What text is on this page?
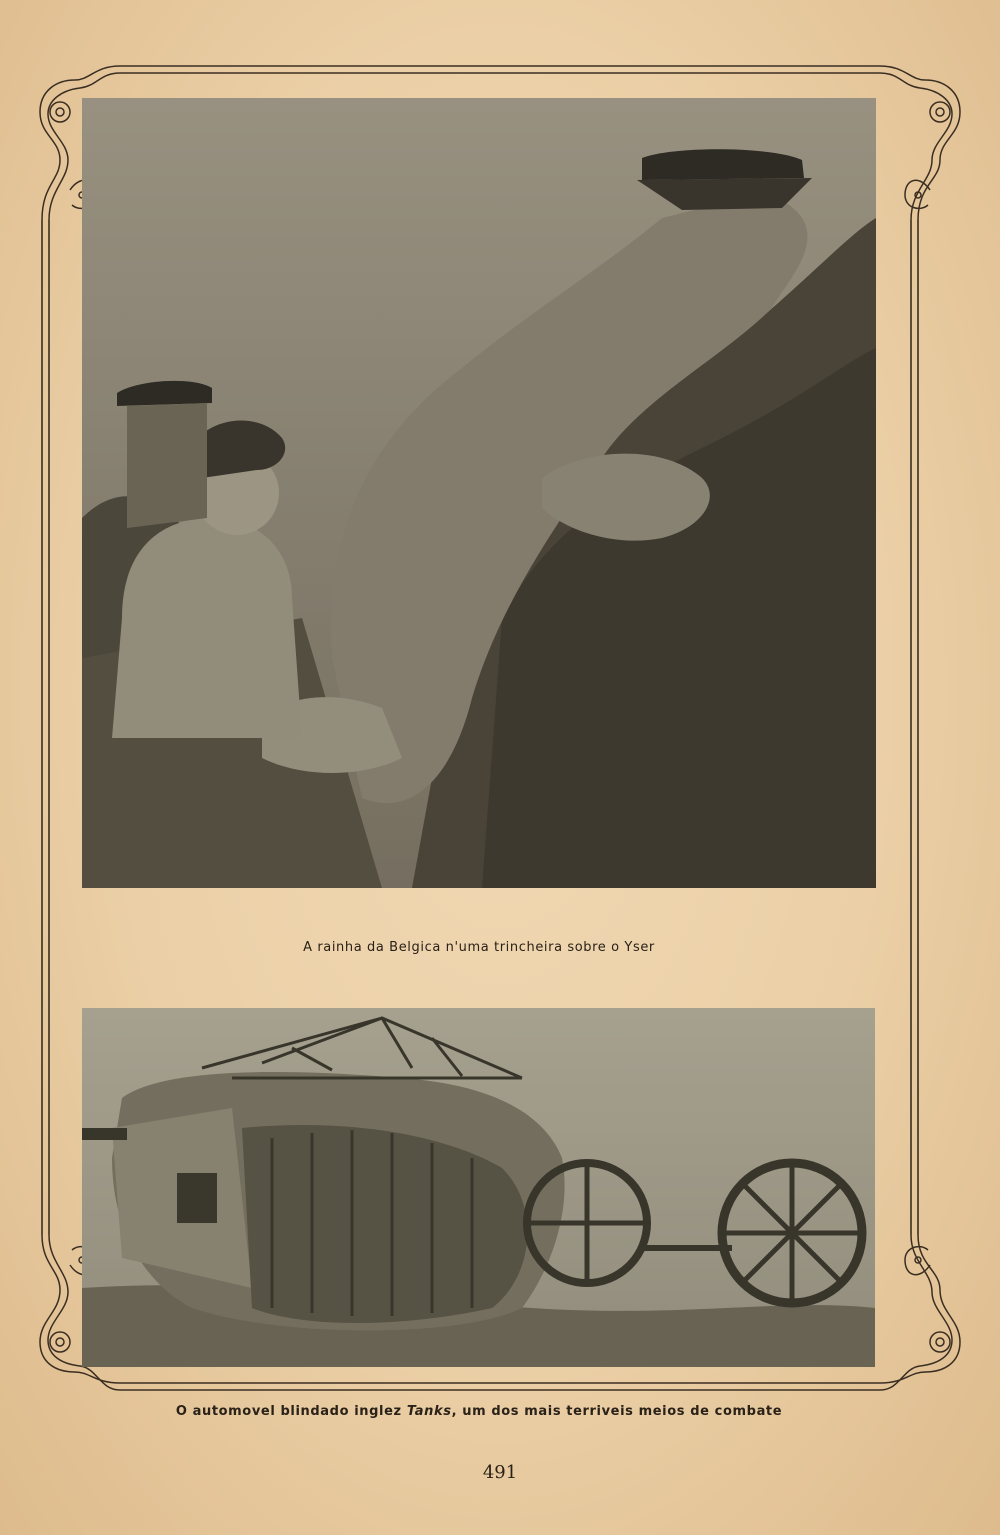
A rainha da Belgica n'uma trincheira sobre o Yser
O automovel blindado inglez Tanks, um dos mais terriveis meios de combate
491
